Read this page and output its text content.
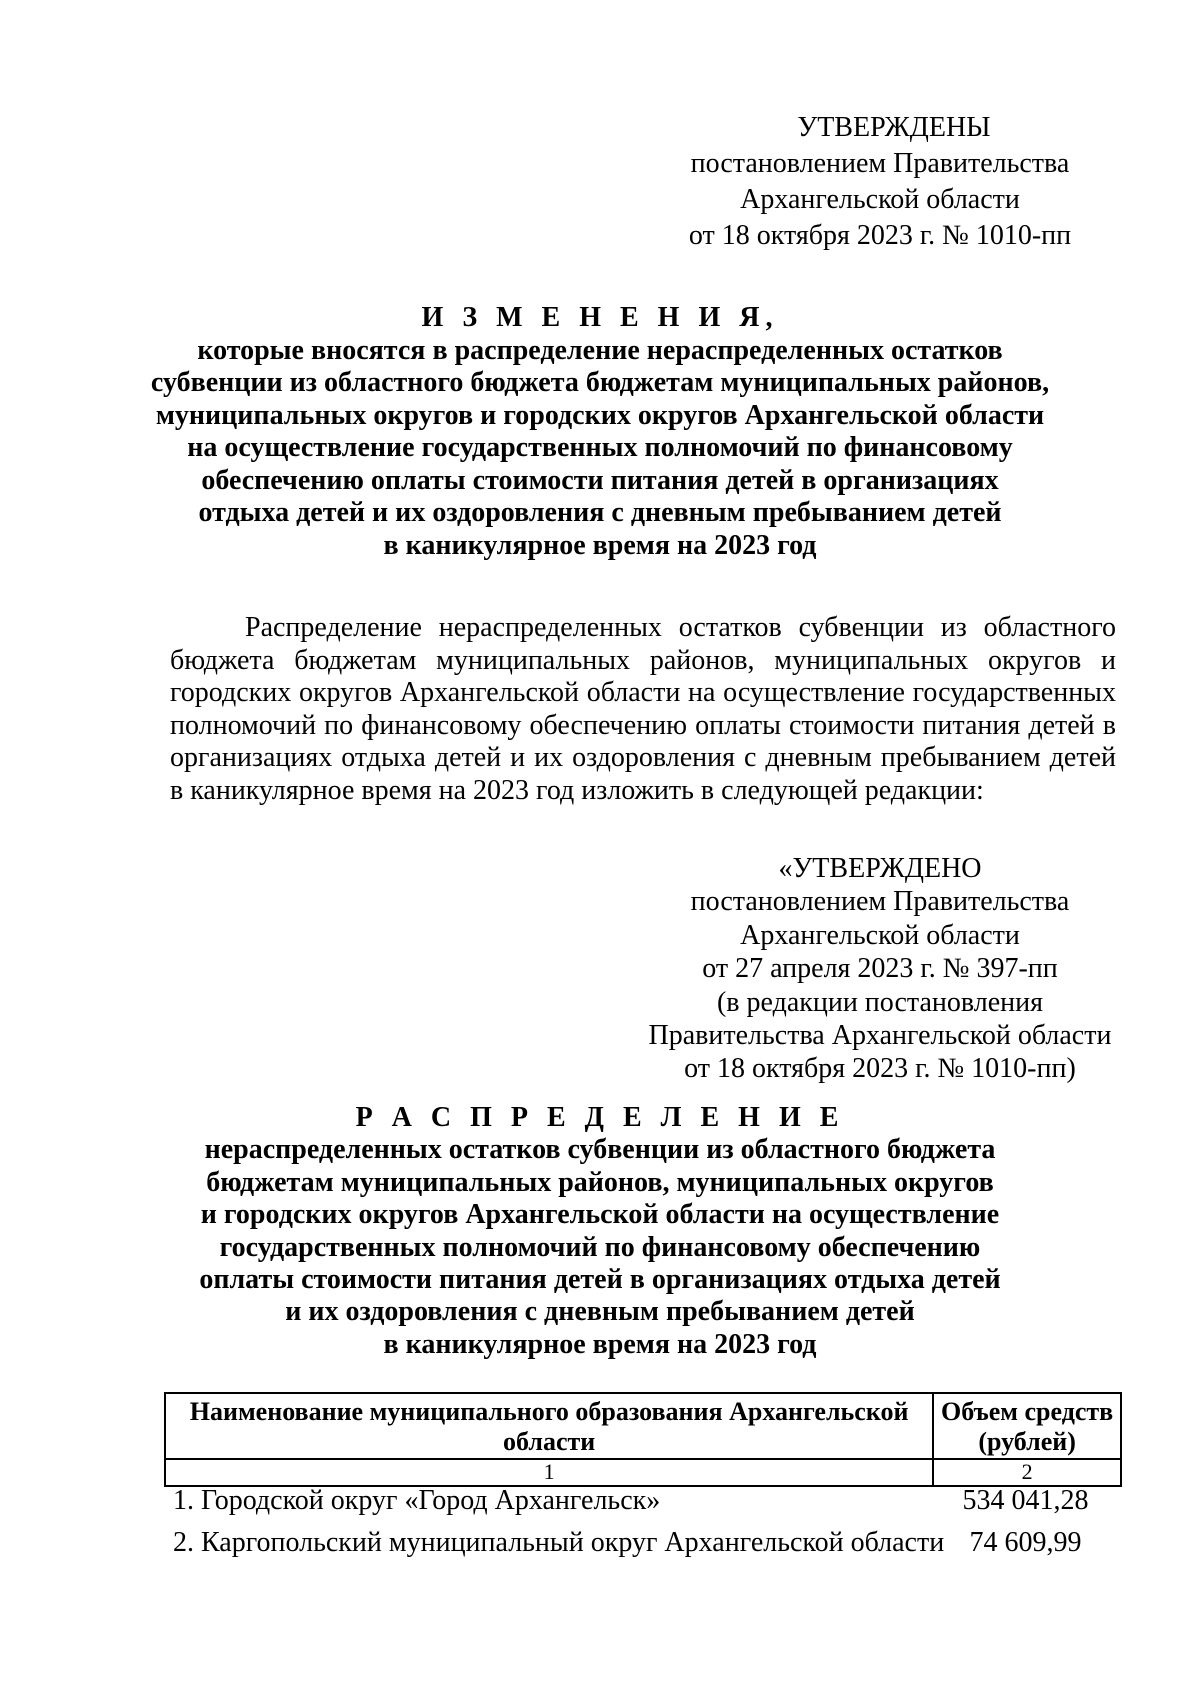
УТВЕРЖДЕНЫ
постановлением Правительства
Архангельской области
от 18 октября 2023 г. № 1010-пп
И З М Е Н Е Н И Я,
которые вносятся в распределение нераспределенных остатков
субвенции из областного бюджета бюджетам муниципальных районов,
муниципальных округов и городских округов Архангельской области
на осуществление государственных полномочий по финансовому
обеспечению оплаты стоимости питания детей в организациях
отдыха детей и их оздоровления с дневным пребыванием детей
в каникулярное время на 2023 год

Распределение нераспределенных остатков субвенции из областного бюджета бюджетам муниципальных районов, муниципальных округов и городских округов Архангельской области на осуществление государственных полномочий по финансовому обеспечению оплаты стоимости питания детей в организациях отдыха детей и их оздоровления с дневным пребыванием детей в каникулярное время на 2023 год изложить в следующей редакции:

«УТВЕРЖДЕНО
постановлением Правительства
Архангельской области
от 27 апреля 2023 г. № 397-пп
(в редакции постановления
Правительства Архангельской области
от 18 октября 2023 г. № 1010-пп)
Р А С П Р Е Д Е Л Е Н И Е
нераспределенных остатков субвенции из областного бюджета
бюджетам муниципальных районов, муниципальных округов
и городских округов Архангельской области на осуществление
государственных полномочий по финансовому обеспечению
оплаты стоимости питания детей в организациях отдыха детей
и их оздоровления с дневным пребыванием детей
в каникулярное время на 2023 год
Наименование муниципального образования Архангельской области	Объем средств (рублей)
1	2
1. Городской округ «Город Архангельск»	534 041,28
2. Каргопольский муниципальный округ Архангельской области 74 609,99
